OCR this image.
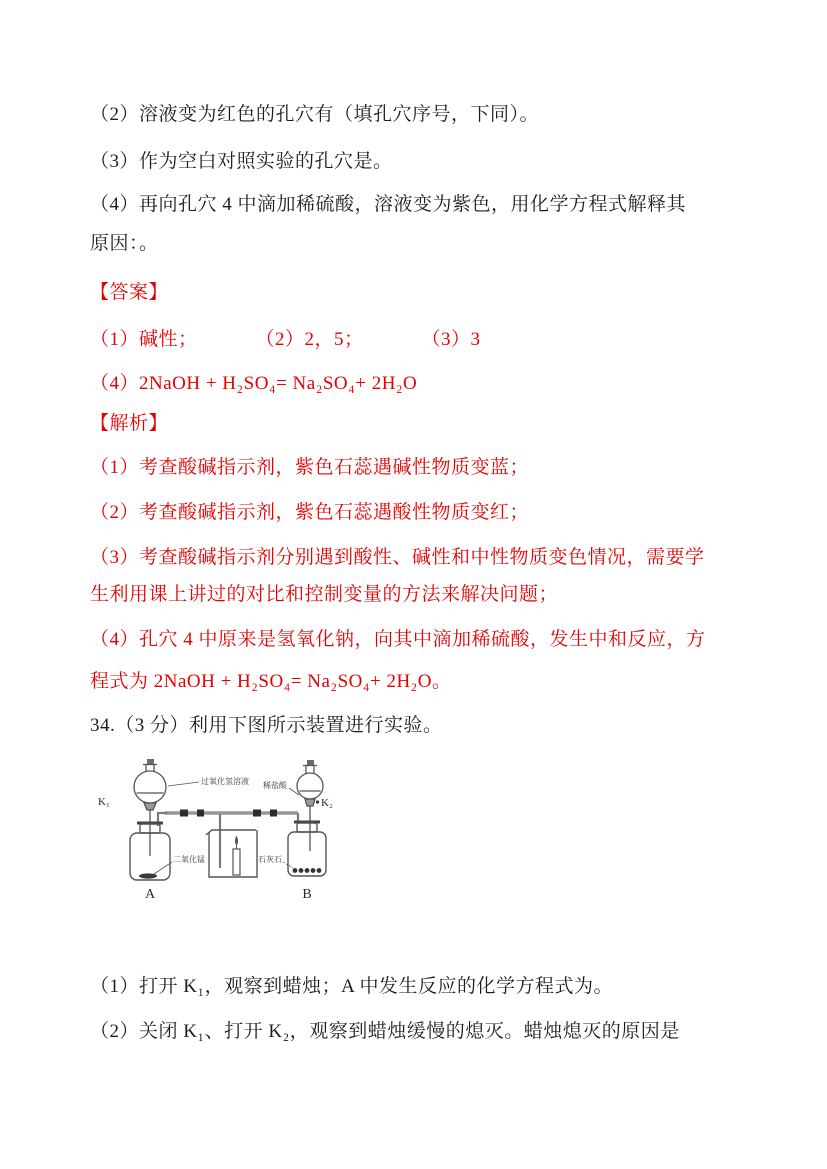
（2）溶液变为红色的孔穴有（填孔穴序号，下同）。
（3）作为空白对照实验的孔穴是。
（4）再向孔穴 4 中滴加稀硫酸，溶液变为紫色，用化学方程式解释其
原因：。
【答案】
（1）碱性；	（2）2，5；	（3）3
（4）2NaOH + H₂SO₄= Na₂SO₄+ 2H₂O
【解析】
（1）考查酸碱指示剂，紫色石蕊遇碱性物质变蓝；
（2）考查酸碱指示剂，紫色石蕊遇酸性物质变红；
（3）考查酸碱指示剂分别遇到酸性、碱性和中性物质变色情况，需要学
生利用课上讲过的对比和控制变量的方法来解决问题；
（4）孔穴 4 中原来是氢氧化钠，向其中滴加稀硫酸，发生中和反应，方
程式为 2NaOH + H₂SO₄= Na₂SO₄+ 2H₂O。
34.（3 分）利用下图所示装置进行实验。
K₁
过氧化氢溶液
二氧化锰
A
K₂
稀盐酸
石灰石
B
（1）打开 K₁，观察到蜡烛；A 中发生反应的化学方程式为。
（2）关闭 K₁、打开 K₂，观察到蜡烛缓慢的熄灭。蜡烛熄灭的原因是
